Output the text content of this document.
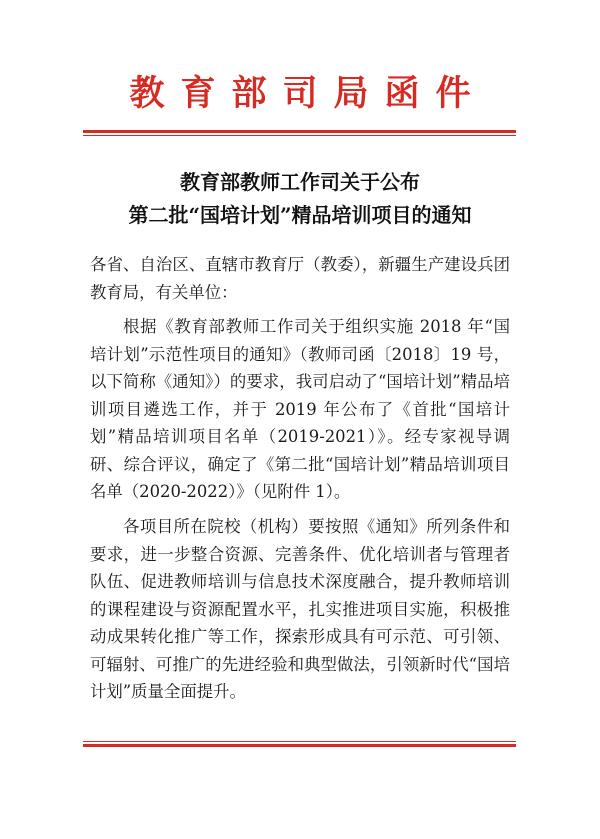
教育部司局函件
教育部教师工作司关于公布
第二批“国培计划”精品培训项目的通知
各省、自治区、直辖市教育厅（教委），新疆生产建设兵团教育局，有关单位：
根据《教育部教师工作司关于组织实施 2018 年“国培计划”示范性项目的通知》（教师司函〔2018〕19 号，以下简称《通知》）的要求，我司启动了“国培计划”精品培训项目遴选工作，并于 2019 年公布了《首批“国培计划”精品培训项目名单（2019-2021）》。经专家视导调研、综合评议，确定了《第二批“国培计划”精品培训项目名单（2020-2022）》（见附件 1）。
各项目所在院校（机构）要按照《通知》所列条件和要求，进一步整合资源、完善条件、优化培训者与管理者队伍、促进教师培训与信息技术深度融合，提升教师培训的课程建设与资源配置水平，扎实推进项目实施，积极推动成果转化推广等工作，探索形成具有可示范、可引领、可辐射、可推广的先进经验和典型做法，引领新时代“国培计划”质量全面提升。
